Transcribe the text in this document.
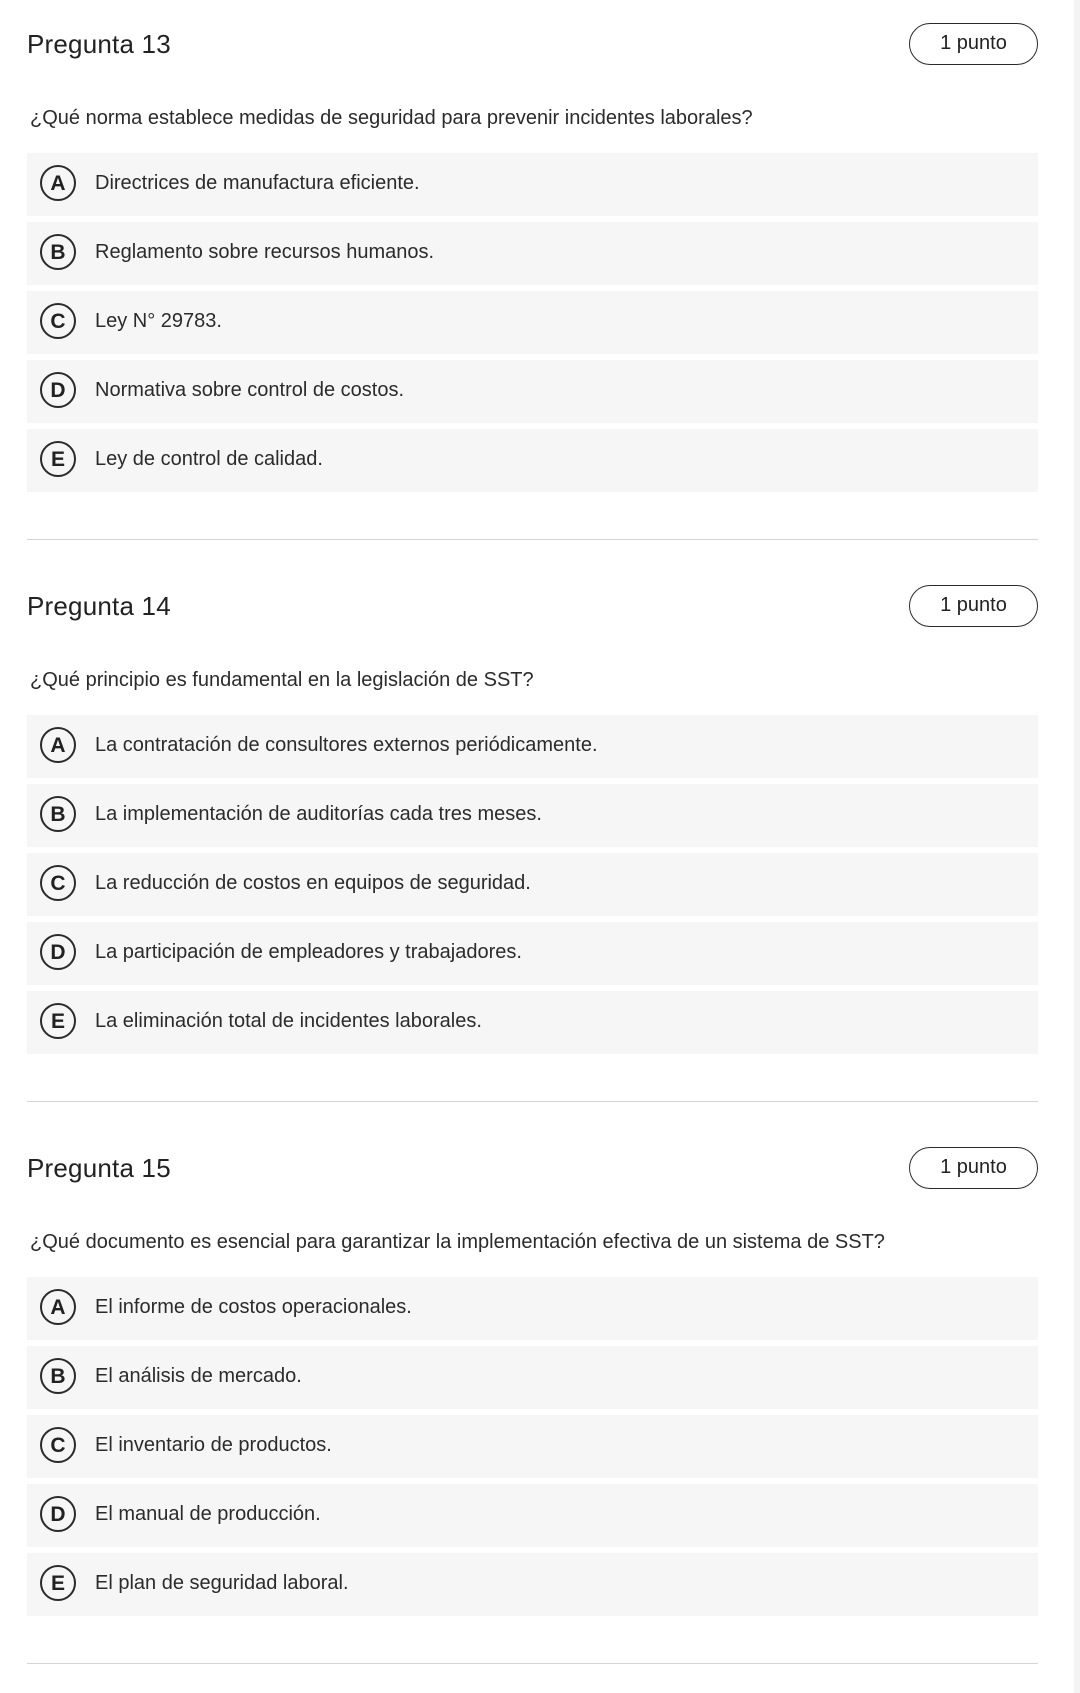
Pregunta 13	1 punto

¿Qué norma establece medidas de seguridad para prevenir incidentes laborales?

A	Directrices de manufactura eficiente.
B	Reglamento sobre recursos humanos.
C	Ley N° 29783.
D	Normativa sobre control de costos.
E	Ley de control de calidad.
Pregunta 14	1 punto

¿Qué principio es fundamental en la legislación de SST?

A	La contratación de consultores externos periódicamente.
B	La implementación de auditorías cada tres meses.
C	La reducción de costos en equipos de seguridad.
D	La participación de empleadores y trabajadores.
E	La eliminación total de incidentes laborales.
Pregunta 15	1 punto

¿Qué documento es esencial para garantizar la implementación efectiva de un sistema de SST?

A	El informe de costos operacionales.
B	El análisis de mercado.
C	El inventario de productos.
D	El manual de producción.
E	El plan de seguridad laboral.
